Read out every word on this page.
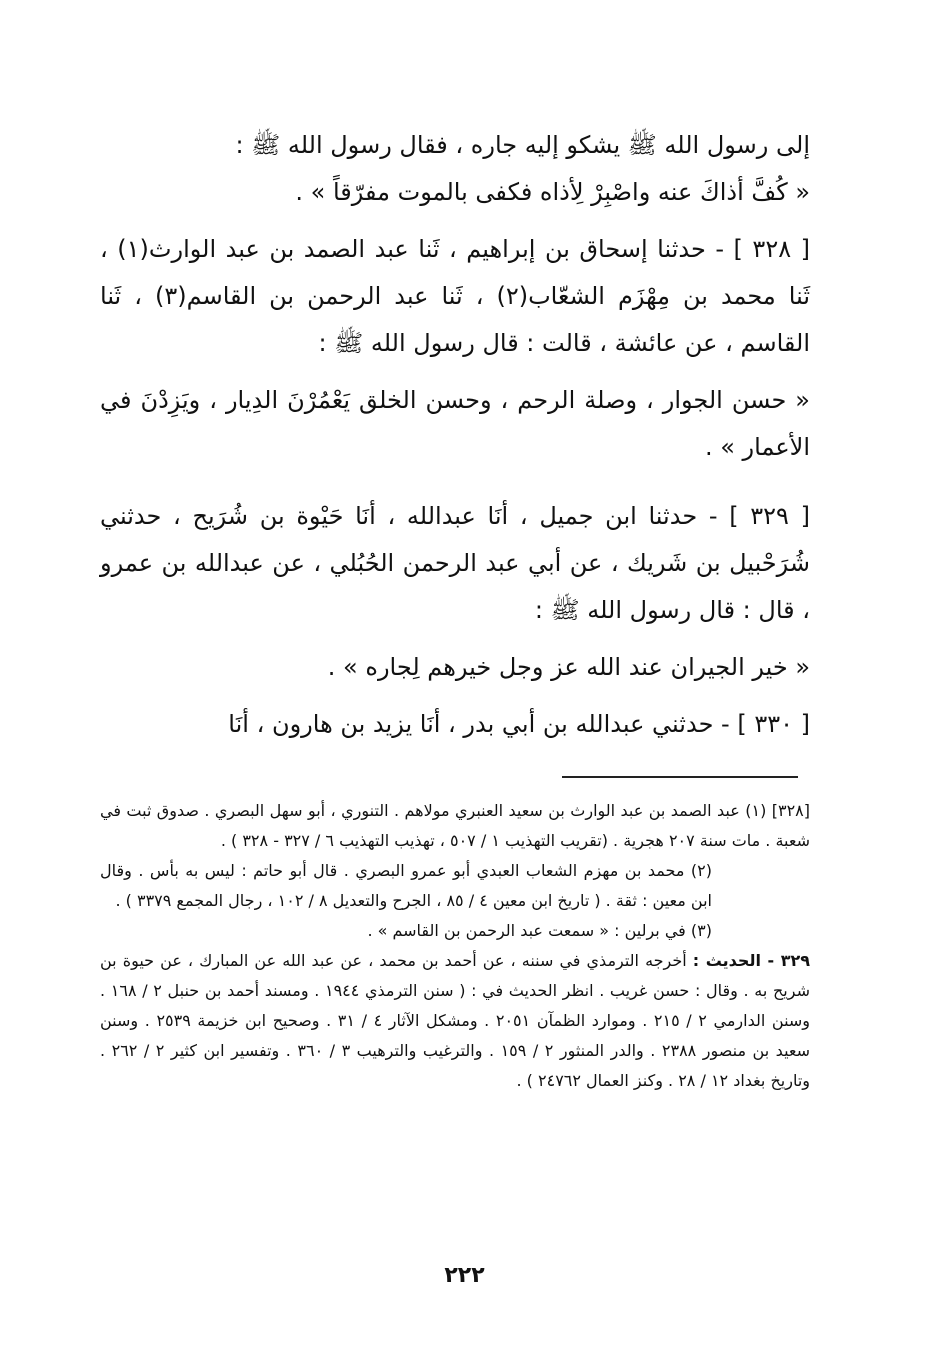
إلى رسول الله ﷺ يشكو إليه جاره ، فقال رسول الله ﷺ :

« كُفَّ أذاكَ عنه واصْبِرْ لِأذاه فكفى بالموت مفرّقاً » .

[ ٣٢٨ ] - حدثنا إسحاق بن إبراهيم ، ثَنا عبد الصمد بن عبد الوارث(١) ، ثَنا محمد بن مِهْزَم الشعّاب(٢) ، ثَنا عبد الرحمن بن القاسم(٣) ، ثَنا القاسم ، عن عائشة ، قالت : قال رسول الله ﷺ :

« حسن الجوار ، وصلة الرحم ، وحسن الخلق يَعْمُرْنَ الدِيار ، ويَزِدْنَ في الأعمار » .

[ ٣٢٩ ] - حدثنا ابن جميل ، أنَا عبدالله ، أنَا حَيْوة بن شُرَيح ، حدثني شُرَحْبيل بن شَريك ، عن أبي عبد الرحمن الحُبُلي ، عن عبدالله بن عمرو ، قال : قال رسول الله ﷺ :

« خير الجيران عند الله عز وجل خيرهم لِجاره » .

[ ٣٣٠ ] - حدثني عبدالله بن أبي بدر ، أنَا يزيد بن هارون ، أنَا

[٣٢٨] (١) عبد الصمد بن عبد الوارث بن سعيد العنبري مولاهم . التنوري ، أبو سهل البصري . صدوق ثبت في شعبة . مات سنة ٢٠٧ هجرية . (تقريب التهذيب ١ / ٥٠٧ ، تهذيب التهذيب ٦ / ٣٢٧ - ٣٢٨ ) .

(٢) محمد بن مهزم الشعاب العبدي أبو عمرو البصري . قال أبو حاتم : ليس به بأس . وقال ابن معين : ثقة . ( تاريخ ابن معين ٤ / ٨٥ ، الجرح والتعديل ٨ / ١٠٢ ، رجال المجمع ٣٣٧٩ ) .

(٣) في برلين : « سمعت عبد الرحمن بن القاسم » .

٣٢٩ - الحديث : أخرجه الترمذي في سننه ، عن أحمد بن محمد ، عن عبد الله عن المبارك ، عن حيوة بن شريح به . وقال : حسن غريب . انظر الحديث في : ( سنن الترمذي ١٩٤٤ . ومسند أحمد بن حنبل ٢ / ١٦٨ . وسنن الدارمي ٢ / ٢١٥ . وموارد الظمآن ٢٠٥١ . ومشكل الآثار ٤ / ٣١ . وصحيح ابن خزيمة ٢٥٣٩ . وسنن سعيد بن منصور ٢٣٨٨ . والدر المنثور ٢ / ١٥٩ . والترغيب والترهيب ٣ / ٣٦٠ . وتفسير ابن كثير ٢ / ٢٦٢ . وتاريخ بغداد ١٢ / ٢٨ . وكنز العمال ٢٤٧٦٢ ) .

٢٢٢
